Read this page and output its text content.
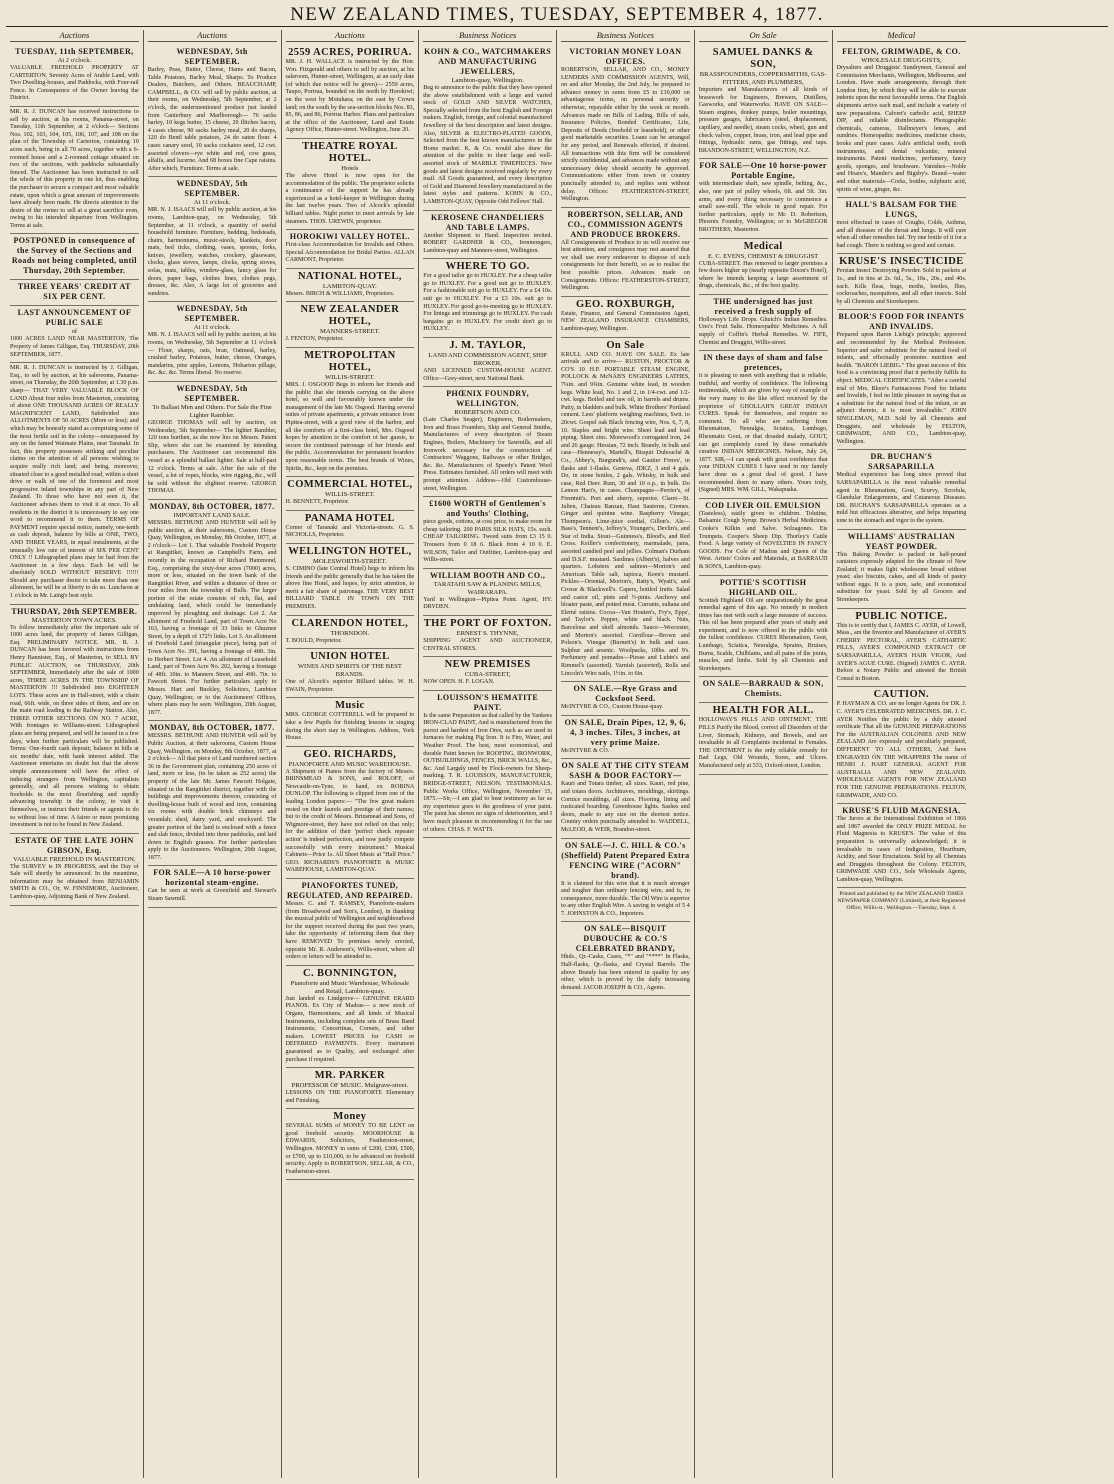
NEW ZEALAND TIMES, TUESDAY, SEPTEMBER 4, 1877.
Auctions
TUESDAY, 11th SEPTEMBER,
At 2 o'clock.
VALUABLE FREEHOLD PROPERTY AT CARTERTON. Seventy Acres of Arable Land, with Two Dwelling-houses, and Paddocks, with Four-rail Fence. In Consequence of the Owner leaving the District.
MR. R. J. DUNCAN has received instructions to sell by auction, at his rooms, Panama-street, on Tuesday, 11th September, at 2 o'clock— Sections Nos. 102, 103, 104, 105, 106, 107, and 108 on the plan of the Township of Carterton, containing 10 acres each, being in all 70 acres, together with a 6-roomed house and a 2-roomed cottage situated on two of the sections, with paddocks substantially fenced. The Auctioneer has been instructed to sell the whole of this property in one lot, thus enabling the purchaser to secure a compact and most valuable estate, upon which a great amount of improvements have already been made. He directs attention to the desire of the owner to sell at a great sacrifice even, owing to his intended departure from Wellington. Terms at sale.
POSTPONED in consequence of the Survey of the Sections and Roads not being completed, until Thursday, 20th September.
THREE YEARS' CREDIT AT SIX PER CENT.
LAST ANNOUNCEMENT OF PUBLIC SALE
of
1000 ACRES LAND NEAR MASTERTON, The Property of James Gilligan, Esq. THURSDAY, 20th SEPTEMBER, 1877.
MR. R. J. DUNCAN is instructed by J. Gilligan, Esq., to sell by auction, at his salerooms, Panama-street, on Thursday, the 20th September, at 1.30 p.m. sharp— THAT VERY VALUABLE BLOCK OF LAND About four miles from Masterton, consisting of about ONE THOUSAND ACRES OF REALLY MAGNIFICENT LAND, Subdivided into ALLOTMENTS OF 50 ACRES (More or less); and which may be honestly stated as comprising some of the most fertile soil in the colony—unsurpassed by any on the famed Waimate Plains, near Taranaki. In fact, this property possesses striking and peculiar claims on the attention of all persons wishing to acquire really rich land; and being, moreover, situated close to a good metalled road, within a short drive or walk of one of the foremost and most progressive inland townships in any part of New Zealand. To those who have not seen it, the Auctioneer advises them to visit it at once. To all residents in the district it is unnecessary to say one word to recommend it to them. TERMS OF PAYMENT require special notice, namely, one-tenth as cash deposit, balance by bills at ONE, TWO, AND THREE YEARS, in equal instalments, at the unusually low rate of interest of SIX PER CENT ONLY !! Lithographed plans may be had from the Auctioneer in a few days. Each lot will be absolutely SOLD WITHOUT RESERVE !!!!!! Should any purchaser desire to take more than one allotment, he will be at liberty to do so. Luncheon at 1 o'clock in Mr. Laing's best style.
THURSDAY, 20th SEPTEMBER.
MASTERTON TOWN ACRES.
To follow immediately after the important sale of 1000 acres land, the property of James Gilligan, Esq. PRELIMINARY NOTICE. MR. R. J. DUNCAN has been favored with instructions from Henry Bannister, Esq., of Masterton, to SELL BY PUBLIC AUCTION, on THURSDAY, 20th SEPTEMBER, Immediately after the sale of 1000 acres, THREE ACRES IN THE TOWNSHIP OF MASTERTON !!! Subdivided into EIGHTEEN LOTS. These acres are in Hall-street, with a chain road, 66ft. wide, on three sides of them, and are on the main road leading to the Railway Station. Also, THREE OTHER SECTIONS ON NO. 7 ACRE, With frontages to Williams-street. Lithographed plans are being prepared, and will be issued in a few days, when further particulars will be published. Terms: One-fourth cash deposit; balance in bills at six months' date, with bank interest added. The Auctioneer entertains no doubt but that the above simple announcement will have the effect of inducing strangers from Wellington, capitalists generally, and all persons wishing to obtain freeholds in the most flourishing and rapidly advancing township in the colony, to visit it themselves, or instruct their friends or agents to do so without loss of time. A fairer or more promising investment is not to be found in New Zealand.
ESTATE OF THE LATE JOHN GIBSON, Esq.
VALUABLE FREEHOLD IN MASTERTON.
The SURVEY is IN PROGRESS, and the Day of Sale will shortly be announced. In the meantime, information may be obtained from BENJAMIN SMITH & CO., Or, W. FINNIMORE, Auctioneer, Lambton-quay, Adjoining Bank of New Zealand.
Auctions
WEDNESDAY, 5th SEPTEMBER.
Barley, Peas, Butter, Cheese, Hams and Bacon, Table Potatoes, Barley Meal, Sharps. To Produce Dealers, Butchers, and Others. BEAUCHAMP, CAMPBELL, & CO. will sell by public auction, at their rooms, on Wednesday, 5th September, at 2 o'clock, the undermentioned produce just landed from Canterbury and Marlborough— 76 sacks barley, 10 kegs butter, 15 cheese, 20 flitches bacon, 4 cases cheese, 90 sacks barley meal, 20 do sharps, 120 do Bentl table potatoes, 24 do oaten flour. 4 cases canary seed, 10 sacks cockatoo seed, 12 cwt. assorted clovers—rye white and red, cow grass, alfalfa, and lucerne. And 68 boxes fine Cape raisins. After which, Furniture. Terms at sale.
WEDNESDAY, 5th SEPTEMBER.
At 11 o'clock.
MR. N. J. ISAACS will sell by public auction, at his rooms, Lambton-quay, on Wednesday, 5th September, at 11 o'clock, a quantity of useful household furniture. Furniture, bedding, bedsteads, chairs, harmoniums, music-stools, blankets, door mats, bed ticks, clothing, vases, spoons, forks, knives, jewellery, watches, crockery, glassware, clocks, glass stoves, lamps, clocks, spring stoves, sofas, mats, tables, window-glass, fancy glass for doors, paper bags, clothes lines, clothes pegs, dresses, &c. Also, A large lot of groceries and sundries.
WEDNESDAY, 5th SEPTEMBER.
At 11 o'clock.
MR. N. J. ISAACS will sell by public auction, at his rooms, on Wednesday, 5th September at 11 o'clock— Flour, sharps, oats, bran, Oatmeal, barley, crushed barley, Potatoes, butter, cheese, Oranges, mandarins, pine apples, Lemons, Hobarton pillage, &c. &c. &c. Terms liberal. No reserve.
WEDNESDAY, 5th SEPTEMBER.
To Ballast Men and Others. For Sale the Fine Lighter Rambler.
GEORGE THOMAS will sell by auction, on Wednesday, 5th September— The lighter Rambler, 120 tons burthen, as she now lies on Messrs. Patent Slip, where she can be examined by intending purchasers. The Auctioneer can recommend this vessel as a splendid ballast lighter. Sale at half-past 12 o'clock. Terms at sale. After the sale of the vessel, a lot of ropes, blocks, wire rigging, &c., will be sold without the slightest reserve. GEORGE THOMAS.
MONDAY, 8th OCTOBER, 1877.
IMPORTANT LAND SALE.
MESSRS. BETHUNE AND HUNTER will sell by public auction, at their salerooms, Custom House Quay, Wellington, on Monday, 8th October, 1877, at 2 o'clock— Lot 1. That valuable Freehold Property at Rangitikei, known as Campbell's Farm, and recently in the occupation of Richard Hammond, Esq., comprising the sixty-four acres (7000) acres, more or less, situated on the town bank of the Rangitikei River, and within a distance of three or four miles from the township of Bulls. The larger portion of the estate consists of rich, flat, and undulating land, which could be immediately improved by ploughing and drainage. Lot 2. An allotment of Freehold Land, part of Town Acre No 163, having a frontage of 33 links to Ghuznee Street, by a depth of 172½ links. Lot 3. An allotment of Freehold Land (triangular piece), being part of Town Acre No. 391, having a frontage of 48ft. 3in. to Herbert Street. Lot 4. An allotment of Leasehold Land, part of Town Acre No. 202, having a frontage of 48ft. 10in. to Manners Street, and 49ft. 7in. to Fawcett Street. For further particulars apply to Messrs. Hart and Buckley, Solicitors, Lambton Quay, Wellington; or to the Auctioneers' Offices, where plans may be seen. Wellington, 20th August, 1877.
MONDAY, 8th OCTOBER, 1877.
MESSRS. BETHUNE AND HUNTER will sell by Public Auction, at their salerooms, Custom House Quay, Wellington, on Monday, 8th October, 1877, at 2 o'clock— All that piece of Land numbered section 36 in the Government plan, containing 250 acres of land, more or less, (to be taken as 252 acres) the property of the late Mr. James Fawcett Holgate, situated in the Rangitikei district, together with the buildings and improvements thereon, consisting of dwelling-house built of wood and iron, containing six rooms with double brick chimneys and verandah; shed, dairy yard, and stockyard. The greater portion of the land is enclosed with a fence and slab fence, divided into three paddocks, and laid down in English grasses. For further particulars apply to the Auctioneers. Wellington, 20th August, 1877.
FOR SALE—A 10 horse-power horizontal steam-engine.
Can be seen at work at Greenfield and Stewart's Steam Sawmill.
Auctions
2559 ACRES, PORIRUA.
MR. J. H. WALLACE is instructed by the Hon. Wm. Fitzgerald and others to sell by auction, at his saleroom, Hunter-street, Wellington, at an early date (of which due notice will be given)— 2559 acres, Taupo, Porirua, bounded on the north by Horokiwi; on the west by Motuhara; on the east by Crown land; on the south by the sea-section blocks Nos. 83, 85, 86, and 86, Porirua Harbor. Plans and particulars at the office of the Auctioneer, Land and Estate Agency Office, Hunter-street. Wellington, June 20.
THEATRE ROYAL HOTEL.
Hotels
The above Hotel is now open for the accommodation of the public. The proprietor solicits a continuance of the support he has already experienced as a hotel-keeper in Wellington during the last twelve years. Two of Alcock's splendid billiard tables. Night porter to meet arrivals by late steamers. THOS. UREWIN, proprietor.
HOROKIWI VALLEY HOTEL.
First-class Accommodation for Invalids and Others. Special Accommodation for Bridal Parties. ALLAN CARMONT, Proprietor.
NATIONAL HOTEL,
LAMBTON-QUAY.
Messrs. BIRCH & WILLIAMS, Proprietors.
NEW ZEALANDER HOTEL,
MANNERS-STREET.
J. FENTON, Proprietor.
METROPOLITAN HOTEL,
WILLIS-STREET.
MRS. J. OSGOOD Begs to inform her friends and the public that she intends carrying on the above hotel, so well and favourably known under the management of the late Mr. Osgood. Having several suites of private apartments, a private entrance from Pipitea-street, with a good view of the harbor, and all the comforts of a first-class hotel, Mrs. Osgood hopes by attention to the comfort of her guests, to secure the continued patronage of her friends and the public. Accommodation for permanent boarders upon reasonable terms. The best brands of Wines, Spirits, &c., kept on the premises.
COMMERCIAL HOTEL,
WILLIS-STREET.
H. BENNETT, Proprietor.
PANAMA HOTEL
Corner of Taranaki and Victoria-streets. G. S. NICHOLLS, Proprietor.
WELLINGTON HOTEL,
MOLESWORTH-STREET.
S. CIMINO (late Central Hotel) begs to inform his friends and the public generally that he has taken the above fine Hotel, and hopes, by strict attention, to merit a fair share of patronage. THE VERY BEST BILLIARD TABLE IN TOWN ON THE PREMISES.
CLARENDON HOTEL,
THORNDON.
T. BOULD, Proprietor.
UNION HOTEL
WINES AND SPIRITS OF THE BEST BRANDS.
One of Alcock's superior Billiard tables. W. H. SWAIN, Proprietor.
Music
MRS. GEORGE COTTERELL will be prepared to take a few Pupils for finishing lessons in singing during the short stay in Wellington. Address, York House.
GEO. RICHARDS,
PIANOFORTE AND MUSIC WAREHOUSE.
A Shipment of Pianos from the factory of Messrs. BRINSMEAD & SONS, and ROLOFF, of Newcastle-on-Tyne, to hand, ex ROBINA DUNLOP. The following is clipped from one of the leading London papers:— "The few great makers rested on their laurels and prestige of their names; but to the credit of Messrs. Brinsmead and Sons, of Wigmore-street, they have not relied on that only; for the addition of their 'perfect check repeater action' is indeed perfection, and now justly compete successfully with every instrument." Musical Cabinets—Price 1s. All Sheet Music at "Half Price." GEO. RICHARDS'S PIANOFORTE & MUSIC WAREHOUSE, LAMBTON-QUAY.
PIANOFORTES TUNED, REGULATED, AND REPAIRED.
Messrs. C. and T. RAMSEY, Pianoforte-makers (from Broadwood and Son's, London), in thanking the musical public of Wellington and neighbourhood for the support received during the past two years, take the opportunity of informing them that they have REMOVED To premises newly erected, opposite Mr. R. Anderson's, Willis-street, where all orders or letters will be attended to.
C. BONNINGTON,
Pianoforte and Music Warehouse, Wholesale and Retail, Lambton-quay.
Just landed ex Lindgrove— GENUINE ERARD PIANOS. Ex City of Madras— a new stock of Organs, Harmoniums, and all kinds of Musical Instruments, including complete sets of Brass Band Instruments; Concertinas, Cornets, and other makers. LOWEST PRICES for CASH or DEFERRED PAYMENTS. Every instrument guaranteed as to Quality, and exchanged after purchase if required.
MR. PARKER
PROFESSOR OF MUSIC. Mulgrave-street.
LESSONS ON THE PIANOFORTE Elementary and Finishing.
Money
SEVERAL SUMS of MONEY TO BE LENT on good freehold security. MOORHOUSE & EDWARDS, Solicitors, Featherston-street, Wellington. MONEY in sums of £200, £300, £500, or £700, up to £10,000, to be advanced on freehold security. Apply to ROBERTSON, SELLAR, & CO., Featherston-street.
Business Notices
KOHN & CO., WATCHMAKERS AND MANUFACTURING JEWELLERS,
Lambton-quay, Wellington.
Beg to announce to the public that they have opened the above establishment with a large and varied stock of GOLD AND SILVER WATCHES, Specially selected from the best English and Foreign makers. English, foreign, and colonial manufactured Jewellery of the best description and latest designs. Also, SILVER & ELECTRO-PLATED GOODS, Selected from the best known manufacturers in the Home market. K. & Co. would also draw the attention of the public to their large and well-assorted stock of MARBLE TIMEPIECES. New goods and latest designs received regularly by every mail. All Goods guaranteed, and every description of Gold and Diamond Jewellery manufactured in the latest styles and patterns. KOHN & CO., LAMBTON-QUAY, Opposite Odd Fellows' Hall.
KEROSENE CHANDELIERS AND TABLE LAMPS.
Another Shipment to Hand. Inspection invited. ROBERT GARDNER & CO., Ironmongers, Lambton-quay and Manners-street, Wellington.
WHERE TO GO.
For a good tailor go to HUXLEY. For a cheap tailor go to HUXLEY. For a good suit go to HUXLEY. For a fashionable suit go to HUXLEY. For a £4 10s. suit go to HUXLEY. For a £3 10s. suit go to HUXLEY. For good go-to-meeting go to HUXLEY. For linings and trimmings go to HUXLEY. For cash bargains go to HUXLEY. For credit don't go to HUXLEY.
J. M. TAYLOR,
LAND AND COMMISSION AGENT, SHIP BROKER,
AND LICENSED CUSTOM-HOUSE AGENT. Office—Grey-street, next National Bank.
PHŒNIX FOUNDRY, WELLINGTON.
ROBERTSON AND CO.
(Late Charles Seager), Engineers, Boilermakers, Iron and Brass Founders, Ship and General Smiths, Manufacturers of every description of Steam Engines, Boilers, Machinery for Sawmills, and all Ironwork necessary for the construction of Contractors' Waggons, Railways or other Bridges, &c. &c. Manufacturers of Speedy's Patent Wool Press. Estimates furnished. All orders will meet with prompt attention. Address—Old Customhouse-street, Wellington.
£1600 WORTH of Gentlemen's and Youths' Clothing,
piece goods, cottons, at cost price, to make room for cheap tailoring. 200 PARIS SILK HATS, 15s. each. CHEAP TAILORING. Tweed suits from £3 15 0. Trousers from 0 18 6. Black from 4 10 0. E. WILSON, Tailor and Outfitter, Lambton-quay and Willis-street.
WILLIAM BOOTH AND CO.,
TARATAHI SAW & PLANING MILLS, WAIRARAPA.
Yard in Wellington—Pipitea Point. Agent, HY. DRYDEN.
THE PORT OF FOXTON.
ERNEST S. THYNNE,
SHIPPING AGENT AND AUCTIONEER, CENTRAL STORES.
NEW PREMISES
CUBA-STREET,
NOW OPEN. H. F. LOGAN.
LOUISSON'S HEMATITE PAINT.
Is the same Preparation as that called by the Yankees IRON-CLAD PAINT, And is manufactured from the purest and hardest of Iron Ores, such as are used in furnaces for making Pig Iron. It is Fire, Water, and Weather Proof. The best, most economical, and durable Paint known for ROOFING, IRONWORK, OUTBUILDINGS, FENCES, BRICK WALLS, &c., &c. And Largely used by Flock-owners for Sheep-marking. T. R. LOUISSON, MANUFACTURER, BRIDGE-STREET, NELSON. TESTIMONIALS. Public Works Office, Wellington, November 15, 1875.—Sir,—I am glad to bear testimony as far as my experience goes to the goodness of your paint. The paint has shown no signs of deterioration, and I have much pleasure in recommending it for the use of others. CHAS. F. WATTS.
Business Notices
VICTORIAN MONEY LOAN OFFICES.
ROBERTSON, SELLAR, AND CO., MONEY LENDERS AND COMMISSION AGENTS, Will, on and after Monday, the 2nd July, be prepared to advance money in sums from £5 to £10,000 on advantageous terms, on personal security or otherwise, repayable either by the week or month. Advances made on Bills of Lading, Bills of sale, Insurance Policies, Bonded Certificates, Life, Deposits of Deeds (freehold or leasehold), or other good marketable securities. Loans can be arranged for any period, and Renewals effected, if desired. All transactions with this firm will be considered strictly confidential, and advances made without any unnecessary delay should security be approved. Communications either from town or country punctually attended to, and replies sent without delay. Offices: FEATHERSTON-STREET, Wellington.
ROBERTSON, SELLAR, AND CO., COMMISSION AGENTS AND PRODUCE BROKERS.
All Consignments of Produce to us will receive our best attention, and consignees may rest assured that we shall use every endeavour to dispose of such consignments for their benefit, so as to realise the best possible prices. Advances made on Consignments. Offices: FEATHERSTON-STREET, Wellington.
GEO. ROXBURGH,
Estate, Finance, and General Commission Agent, NEW ZEALAND INSURANCE CHAMBERS, Lambton-quay, Wellington.
On Sale
KRULL AND CO. HAVE ON SALE. Ex late arrivals and to arrive— RUSTON, PROCTOR & CO'S 10 H.P. PORTABLE STEAM ENGINE, POLLOCK & McNAB'S ENGINEERS LATHES, 7¼in. and 9¾in. Genuine white lead, in wooden kegs. White lead, No. 1 and 2, in 1/4-cwt. and 1/2-cwt. kegs. Boiled and raw oil, in barrels and drums. Putty, in bladders and bulk. White Brothers' Portland cement. Lees' platform weighing machines, Swtt. to 20cwt. Gospel oak Black fencing wire, Nos. 6, 7, 8, 10. Staples and bright wire. Sheet lead and lead piping. Sheet zinc. Morewood's corrugated iron, 24 and 26 gauge. Hessian, 72 inch. Brandy, in bulk and case—Hennessy's, Martell's, Bisquit Dubouché & Co., Abbey's, Burgundi's, and Gautier Freres', in flasks and 1-flasks. Geneva, JDKZ, 3 and 4 gals. Do, in stone bottles, 2 gals. Whisky, in bulk and case, Red Deer. Rum, 30 and 10 o.p., in bulk. Do Lemon Hart's, in cases. Champagne—Perrier's, of Fremmit's. Port and sherry, superior. Claret—St. Julien, Chateau Ranzan, Haut Sauterne, Cremes. Ginger and quinine wine. Raspberry Vinegar, Thompson's. Lime-juice cordial, Gillon's. Ale—Bass's, Tennent's, Jeffrey's, Younger's, Devlin's, and Star of India. Stout—Guinness's, Blood's, and Red Cross. Keiller's confectionery, marmalade, jams, assorted candied peel and jellies. Colman's Durham and D.S.F. mustard. Sardines (Albert's), halves and quarters. Lobsters and salmon—Morton's and American. Table salt, tapioca, Keen's mustard. Pickles—Oriental, Morton's, Batty's, Wyatt's, and Crosse & Blackwell's. Capers, bottled fruits. Salad and castor oil, pints and ½-pints. Anchovy and bloater paste, and potted meat. Currants, sultana and Elemé raisins. Cocoa—Van Houten's, Fry's, Epps', and Taylor's. Pepper, white and black. Nuts, Barcelona and shell almonds. Sauce—Worcester, and Morton's assorted. Cornflour—Brown and Polson's. Vinegar (Burnett's) in bulk and case. Sulphur and arsenic. Woolpacks, 10lbs. and 9's. Perfumery and pomades—Piesse and Lubin's and Rimmel's (assorted). Varnish (assorted), Rolls and Lincoln's Wire nails, 1½in. to 6in.
ON SALE.—Rye Grass and Cocksfoot Seed.
McINTYRE & CO., Custom House-quay.
ON SALE, Drain Pipes, 12, 9, 6, 4, 3 inches. Tiles, 3 inches, at very prime Maize.
McINTYRE & CO.
ON SALE AT THE CITY STEAM SASH & DOOR FACTORY—
Kauri and Totara timber, all sizes. Kauri, red pine, and totara doors. Architraves, mouldings, skirtings. Cornice mouldings, all sizes. Flooring, lining and rusticated boarding. Greenhouse lights. Sashes and doors, made to any size on the shortest notice. Country orders punctually attended to. WADDELL, McLEOD, & WEIR, Brandon-street.
ON SALE—J. C. HILL & CO.'s (Sheffield) Patent Prepared Extra FENCING WIRE ("ACORN" brand).
It is claimed for this wire that it is much stronger and tougher than ordinary fencing wire, and is, in consequence, more durable. The Oil Wire is superior to any other English Wire. A saving in weight of 5 4 7. JOHNSTON & CO., Importers.
ON SALE—BISQUIT DUBOUCHE & CO.'S CELEBRATED BRANDY,
Hhds., Qr.-Casks, Cases, "*" and "****" In Flasks, Half-flasks, Qr.-flasks, and Crystal Barrels. The above Brandy has been entered in quality by any other, which is proved by the daily increasing demand. JACOB JOSEPH & CO., Agents.
On Sale
SAMUEL DANKS & SON,
BRASSFOUNDERS, COPPERSMITHS, GAS-FITTERS, AND PLUMBERS,
Importers and Manufacturers of all kinds of brasswork for Engineers, Brewers, Distillers, Gasworks, and Waterworks. HAVE ON SALE— Steam engines, donkey pumps, boiler mountings, pressure gauges, lubricators (steel, displacement, capillary, and needle), steam cocks, wheel, gun and check valves, copper, brass, iron, and lead pipe and fittings, hydraulic rams, gas fittings, and taps. BRANDON-STREET, WELLINGTON, N.Z.
FOR SALE—One 10 horse-power Portable Engine,
with intermediate shaft, saw spindle, belting, &c., also, one pair of pulley wheels, 6ft. and 5ft. 3in. arms, and every thing necessary to commence a small saw-mill. The whole in good repair. For further particulars, apply to Mr. D. Robertson, Phoenix Foundry, Wellington; or to McGREGOR BROTHERS, Masterton.
Medical
E. C. EVENS, CHEMIST & DRUGGIST
CUBA-STREET. Has removed to larger premises a few doors higher up (nearly opposite Dixon's Hotel), where he intends keeping a large assortment of drugs, chemicals, &c., of the best quality.
THE undersigned has just received a fresh supply of
Holloway's Life Drops. Ghutch's Indian Remedies. Uno's Fruit Salts. Homeopathic Medicines. A full supply of Coffin's Herbal Remedies. W. FIFE, Chemist and Druggist, Willis-street.
IN these days of sham and false pretences,
it is pleasing to meet with anything that is reliable, truthful, and worthy of confidence. The following testimonials, which are given by way of example of the very many to the like effect received by the proprietor of GHOLLAH'S GREAT INDIAN CURES. Speak for themselves, and require no comment. To all who are suffering from Rheumatism, Neuralgia, Sciatica, Lumbago, Rheumatic Gout, or that dreaded malady, GOUT, can get completely cured by these remarkable curative INDIAN MEDICINES. Nelson, July 24, 1877. SIR,—I can speak with great confidence that your INDIAN CURES I have used in my family have done us a great deal of good. I have recommended them to many others. Yours truly, (Signed) MRS. WM. GILL, Wakapuaka.
COD LIVER OIL EMULSION
(Tasteless), easily given to children. Tolutine, Balsamic Cough Syrup. Brown's Herbal Medicines. Cooke's Kilkin and Salve. Solzagones. Eis Trumpets. Cooper's Sheep Dip. Thorley's Cattle Food. A large variety of NOVELTIES IN FANCY GOODS. For Cole of Madras and Queen of the West. Artists' Colors and Materials, at BARRAUD & SON'S, Lambton-quay.
POTTIE'S SCOTTISH HIGHLAND OIL.
Scottish Highland Oil are unquestionably the great remedial agent of this age. No remedy in modern times has met with such a large measure of success. This oil has been prepared after years of study and experiment, and is now offered to the public with the fullest confidence. CURES Rheumatism, Gout, Lumbago, Sciatica, Neuralgia, Sprains, Bruises, Burns, Scalds, Chilblains, and all pains of the joints, muscles, and limbs. Sold by all Chemists and Storekeepers.
ON SALE—BARRAUD & SON, Chemists.
HEALTH FOR ALL.
HOLLOWAY'S PILLS AND OINTMENT. THE PILLS Purify the Blood, correct all Disorders of the Liver, Stomach, Kidneys, and Bowels, and are invaluable in all Complaints incidental to Females. THE OINTMENT is the only reliable remedy for Bad Legs, Old Wounds, Sores, and Ulcers. Manufactured only at 533, Oxford-street, London.
Medical
FELTON, GRIMWADE, & CO.
WHOLESALE DRUGGISTS,
Drysalters and Druggists' Sundrymen, General and Commission Merchants, Wellington, Melbourne, and London. Have made arrangements, through their London firm, by which they will be able to execute indents upon the most favourable terms. Our English shipments arrive each mail, and include a variety of new preparations. Calvert's carbolic acid, SHEEP DIP, and reliable disinfectants. Photographic chemicals, cameras, Dallmeyer's lenses, and sundries. Homeopathic medicines, medicine chests, books and pure cases. Ash's artificial teeth, tooth instruments, and dental vulcanite, mineral instruments. Patent medicines, perfumery, fancy goods, sponges, and brushware. Vanishes—Noble and Hoare's, Mander's and Bigsby's. Brand—water and other materials—Corks, bottles, sulphuric acid, spirits of wine, ginger, &c.
HALL'S BALSAM FOR THE LUNGS,
most effectual in cases of Coughs, Colds, Asthma, and all diseases of the throat and lungs. It will cure when all other remedies fail. Try one bottle of it for a bad cough. There is nothing so good and certain.
KRUSE'S INSECTICIDE
Persian Insect Destroying Powder. Sold in packets at 1s., and in tins at 2s. 6d., 5s., 10s., 20s., and 40s. each. Kills fleas, bugs, moths, beetles, flies, cockroaches, mosquitoes, and all other insects. Sold by all Chemists and Storekeepers.
BLOOR'S FOOD FOR INFANTS AND INVALIDS.
Prepared upon Baron Liebig's principle; approved and recommended by the Medical Profession. Superior and safer substitute for the natural food of infants, and effectually promotes nutrition and health. "BARON LIEBIG." The great success of this food is a convincing proof that it perfectly fulfils its object. MEDICAL CERTIFICATES. "After a careful trial of Mrs. Bloor's Farinaceous Food for Infants and Invalids, I feel no little pleasure in saying that as a substitute for the natural food of the infant, or an adjunct thereto, it is most invaluable." JOHN SINGLEMAN, M.D. Sold by all Chemists and Druggists, and wholesale by FELTON, GRIMWADE, AND CO., Lambton-quay, Wellington.
DR. BUCHAN'S SARSAPARILLA
Medical experience has long since proved that SARSAPARILLA is the most valuable remedial agent in Rheumatism, Gout, Scurvy, Scrofula, Glandular Enlargements, and Cutaneous Diseases. DR. BUCHAN'S SARSAPARILLA operates as a mild but efficacious alterative, and helps imparting tone to the stomach and vigor to the system.
WILLIAMS' AUSTRALIAN YEAST POWDER.
This Baking Powder is packed in half-pound canisters expressly adapted for the climate of New Zealand; it makes light wholesome bread without yeast; also biscuits, cakes, and all kinds of pastry without eggs. It is a pure, safe, and economical substitute for yeast. Sold by all Grocers and Storekeepers.
PUBLIC NOTICE.
This is to certify that I, JAMES C. AYER, of Lowell, Mass., am the Inventor and Manufacturer of AYER'S CHERRY PECTORAL, AYER'S CATHARTIC PILLS, AYER'S COMPOUND EXTRACT OF SARSAPARILLA, AYER'S HAIR VIGOR, And AYER'S AGUE CURE. (Signed) JAMES C. AYER. Before a Notary Public and attested the British Consul in Boston.
CAUTION.
P. HAYMAN & CO. are no longer Agents for DR. J. C. AYER'S CELEBRATED MEDICINES. DR. J. C. AYER Notifies the public by a duly attested certificate That all the GENUINE PREPARATIONS For the AUSTRALIAN COLONIES AND NEW ZEALAND Are expressly and peculiarly prepared, DIFFERENT TO ALL OTHERS, And have ENGRAVED ON THE WRAPPERS The name of HENRI J. HART GENERAL AGENT FOR AUSTRALIA AND NEW ZEALAND. WHOLESALE AGENTS FOR NEW ZEALAND FOR THE GENUINE PREPARATIONS. FELTON, GRIMWADE, AND CO.
KRUSE'S FLUID MAGNESIA.
The Jurors at the International Exhibition of 1866 and 1867 awarded the ONLY PRIZE MEDAL for Fluid Magnesia to KRUSE'S. The value of this preparation is universally acknowledged; it is invaluable in cases of Indigestion, Heartburn, Acidity, and Sour Eructations. Sold by all Chemists and Druggists throughout the Colony. FELTON, GRIMWADE AND CO., Sole Wholesale Agents, Lambton-quay, Wellington.
Printed and published by the NEW ZEALAND TIMES NEWSPAPER COMPANY (Limited), at their Registered Office, Willis-st., Wellington.—Tuesday, Sept. 4.
